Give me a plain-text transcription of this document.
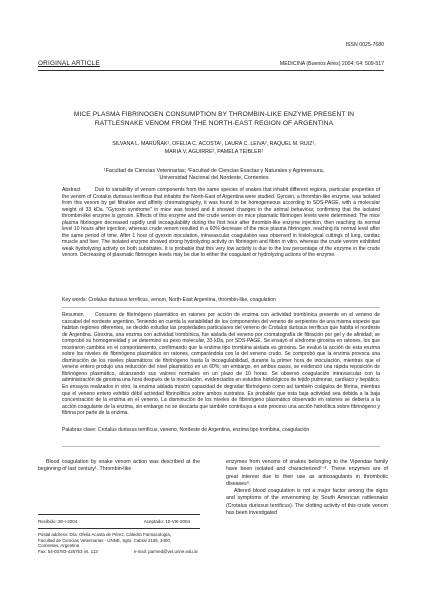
ISSN 0025-7680
ORIGINAL ARTICLE	MEDICINA (Buenos Aires) 2004; 64: 509-517
MICE PLASMA FIBRINOGEN CONSUMPTION BY THROMBIN-LIKE ENZYME PRESENT IN
RATTLESNAKE VENOM FROM THE NORTH-EAST REGION OF ARGENTINA
SILVANA L. MARUÑAK¹, OFELIA C. ACOSTA¹, LAURA C. LEIVA², RAQUEL M. RUIZ¹,
MARIA V. AGUIRRE², PAMELA TEIBLER¹
¹Facultad de Ciencias Veterinarias; ²Facultad de Ciencias Exactas y Naturales y Agrimensura,
Universidad Nacional del Nordeste, Corrientes
Abstract	Due to variability of venom components from the same species of snakes that inhabit different regions, particular properties of the venom of Crotalus durissus terrificus that inhabits the North-East of Argentina were studied. Gyroxin, a thrombin-like enzyme, was isolated from this venom by gel filtration and affinity chromatography, it was found to be homogeneous according to SDS-PAGE, with a molecular weight of 33 kDa. "Gyroxin syndrome" in mice was tested and it showed changes in the animal behaviour, confirming that the isolated thrombin-like enzyme is gyroxin. Effects of this enzyme and the crude venom on mice plasmatic fibrinogen levels were determined. The mice plasma fibrinogen decreased rapidly until incoagulability during the first hour after thrombin-like enzyme injection, then reaching its normal level 10 hours after injection, whereas crude venom resulted in a 60% decrease of the mice plasma fibrinogen, reaching its normal level after the same period of time. After 1 hour of gyroxin inoculation, intravascular coagulation was observed in histological cuttings of lung, cardiac muscle and liver. The isolated enzyme showed strong hydrolyzing activity on fibrinogen and fibrin in vitro, whereas the crude venom exhibited weak hydrolyzing activity on both substrates. It is probable that this very low activity is due to the low percentage of the enzyme in the crude venom. Decreasing of plasmatic fibrinogen levels may be due to either the coagulant or hydrolyzing actions of the enzyme.
Key words: Crotalus durissus terrificus, venom, North-East Argentina, thrombin-like, coagulation
Resumen	Consumo de fibrinógeno plasmático en ratones por acción de enzima con actividad trombínica presente en el veneno de cascabel del nordeste argentino. Teniendo en cuenta la variabilidad de los componentes del veneno de serpientes de una misma especie que habitan regiones diferentes, se decidió estudiar las propiedades particulares del veneno de Crotalus durissus terrificus que habita el nordeste de Argentina. Giroxina, una enzima con actividad trombínica, fue aislada del veneno por cromatografía de filtración por gel y de afinidad; se comprobó su homogeneidad y se determinó su peso molecular, 33 kDa, por SDS-PAGE. Se ensayó el síndrome giroxina en ratones, los que mostraron cambios en el comportamiento, confirmando que la enzima tipo trombina aislada es giroxina. Se evaluó la acción de esta enzima sobre los niveles de fibrinógeno plasmático en ratones, comparándola con la del veneno crudo. Se comprobó que la enzima provoca una disminución de los niveles plasmáticos de fibrinógeno hasta la incoagulabilidad, durante la primer hora de inoculación, mientras que el veneno entero produjo una reducción del nivel plasmático en un 60%; sin embargo, en ambos casos, se evidenció una rápida reposición de fibrinógeno plasmático, alcanzando sus valores normales en un plazo de 10 horas. Se observó coagulación intravascular con la administración de giroxina una hora después de la inoculación, evidenciados en estudios histológicos de tejido pulmonar, cardíaco y hepático. En ensayos realizados in vitro, la enzima aislada mostró capacidad de degradar fibrinógeno como así también coágulos de fibrina, mientras que el veneno entero exhibió débil actividad fibrinolítica sobre ambos sustratos. Es probable que esta baja actividad sea debida a la baja concentración de la enzima en el veneno. La disminución de los niveles de fibrinógeno plasmático observado en ratones se debería a la acción coagulante de la enzima, sin embargo no se descarta que también contribuya a este proceso una acción hidrolítica sobre fibrinógeno y fibrina por parte de la enzima.
Palabras clave: Crotalus durissus terrificus, veneno, Nordeste de Argentina, enzima tipo trombina, coagulación

Blood coagulation by snake venom action was described at the beginning of last century¹. Thrombin-like

enzymes from venoms of snakes belonging to the Viperidae family have been isolated and characterized²⁻⁸. These enzymes are of great interest due to their use as anticoagulants in thrombotic diseases⁹.

Altered blood coagulation is not a major factor among the signs and symptoms of the envenoming by South American rattlesnake (Crotalus durissus terrificus). The clotting activity of this crude venom has been investigated

Recibido: 30-I-2004	Aceptado: 10-VIII-2004
Postal address: Dra. Ofelia Acosta de Pérez, Cátedra Farmacología,
Facultad de Ciencias Veterinarias - UNNE, Sgto. Cabral 2139, 3400,
Corrientes, Argentina
Fax: 54-03783-425753 int. 113	e-mail: parmed@vet.unne.edu.ar
